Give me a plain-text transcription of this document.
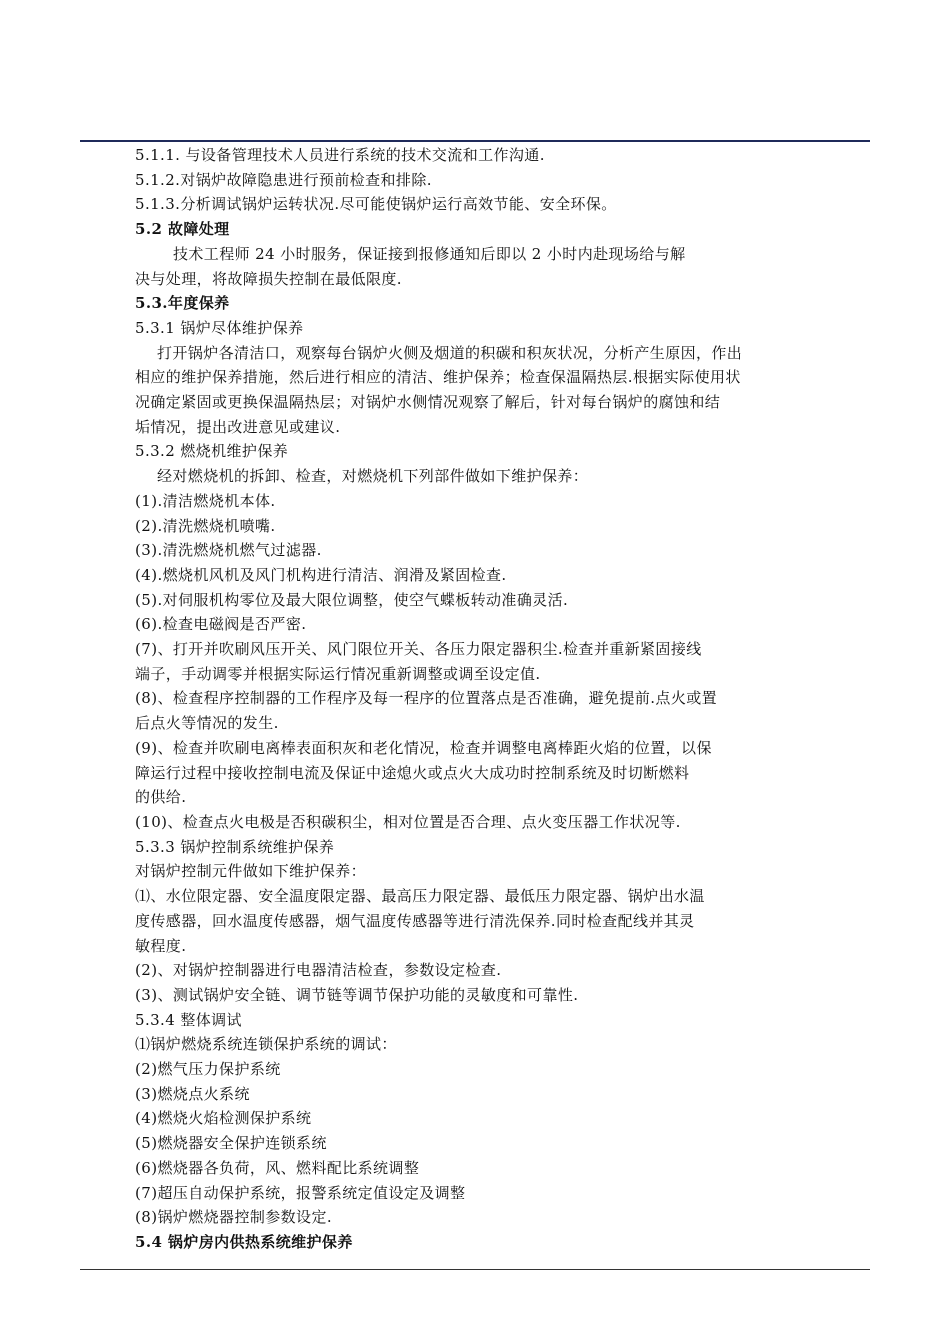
5.1.1. 与设备管理技术人员进行系统的技术交流和工作沟通.
5.1.2.对锅炉故障隐患进行预前检查和排除.
5.1.3.分析调试锅炉运转状况.尽可能使锅炉运行高效节能、安全环保。
5.2 故障处理
技术工程师 24 小时服务，保证接到报修通知后即以 2 小时内赴现场给与解
决与处理，将故障损失控制在最低限度.
5.3.年度保养
5.3.1 锅炉尽体维护保养
打开锅炉各清洁口，观察每台锅炉火侧及烟道的积碳和积灰状况，分析产生原因，作出
相应的维护保养措施，然后进行相应的清洁、维护保养；检查保温隔热层.根据实际使用状
况确定紧固或更换保温隔热层；对锅炉水侧情况观察了解后，针对每台锅炉的腐蚀和结
垢情况，提出改进意见或建议.
5.3.2 燃烧机维护保养
经对燃烧机的拆卸、检查，对燃烧机下列部件做如下维护保养：
(1).清洁燃烧机本体.
(2).清洗燃烧机喷嘴.
(3).清洗燃烧机燃气过滤器.
(4).燃烧机风机及风门机构进行清洁、润滑及紧固检查.
(5).对伺服机构零位及最大限位调整，使空气蝶板转动准确灵活.
(6).检查电磁阀是否严密.
(7)、打开并吹刷风压开关、风门限位开关、各压力限定器积尘.检查并重新紧固接线
端子，手动调零并根据实际运行情况重新调整或调至设定值.
(8)、检查程序控制器的工作程序及每一程序的位置落点是否准确，避免提前.点火或置
后点火等情况的发生.
(9)、检查并吹刷电离棒表面积灰和老化情况，检查并调整电离棒距火焰的位置，以保
障运行过程中接收控制电流及保证中途熄火或点火大成功时控制系统及时切断燃料
的供给.
(10)、检查点火电极是否积碳积尘，相对位置是否合理、点火变压器工作状况等.
5.3.3 锅炉控制系统维护保养
对锅炉控制元件做如下维护保养：
⑴、水位限定器、安全温度限定器、最高压力限定器、最低压力限定器、锅炉出水温
度传感器，回水温度传感器，烟气温度传感器等进行清洗保养.同时检查配线并其灵
敏程度.
(2)、对锅炉控制器进行电器清洁检查，参数设定检查.
(3)、测试锅炉安全链、调节链等调节保护功能的灵敏度和可靠性.
5.3.4 整体调试
⑴锅炉燃烧系统连锁保护系统的调试：
(2)燃气压力保护系统
(3)燃烧点火系统
(4)燃烧火焰检测保护系统
(5)燃烧器安全保护连锁系统
(6)燃烧器各负荷，风、燃料配比系统调整
(7)超压自动保护系统，报警系统定值设定及调整
(8)锅炉燃烧器控制参数设定.
5.4 锅炉房内供热系统维护保养
